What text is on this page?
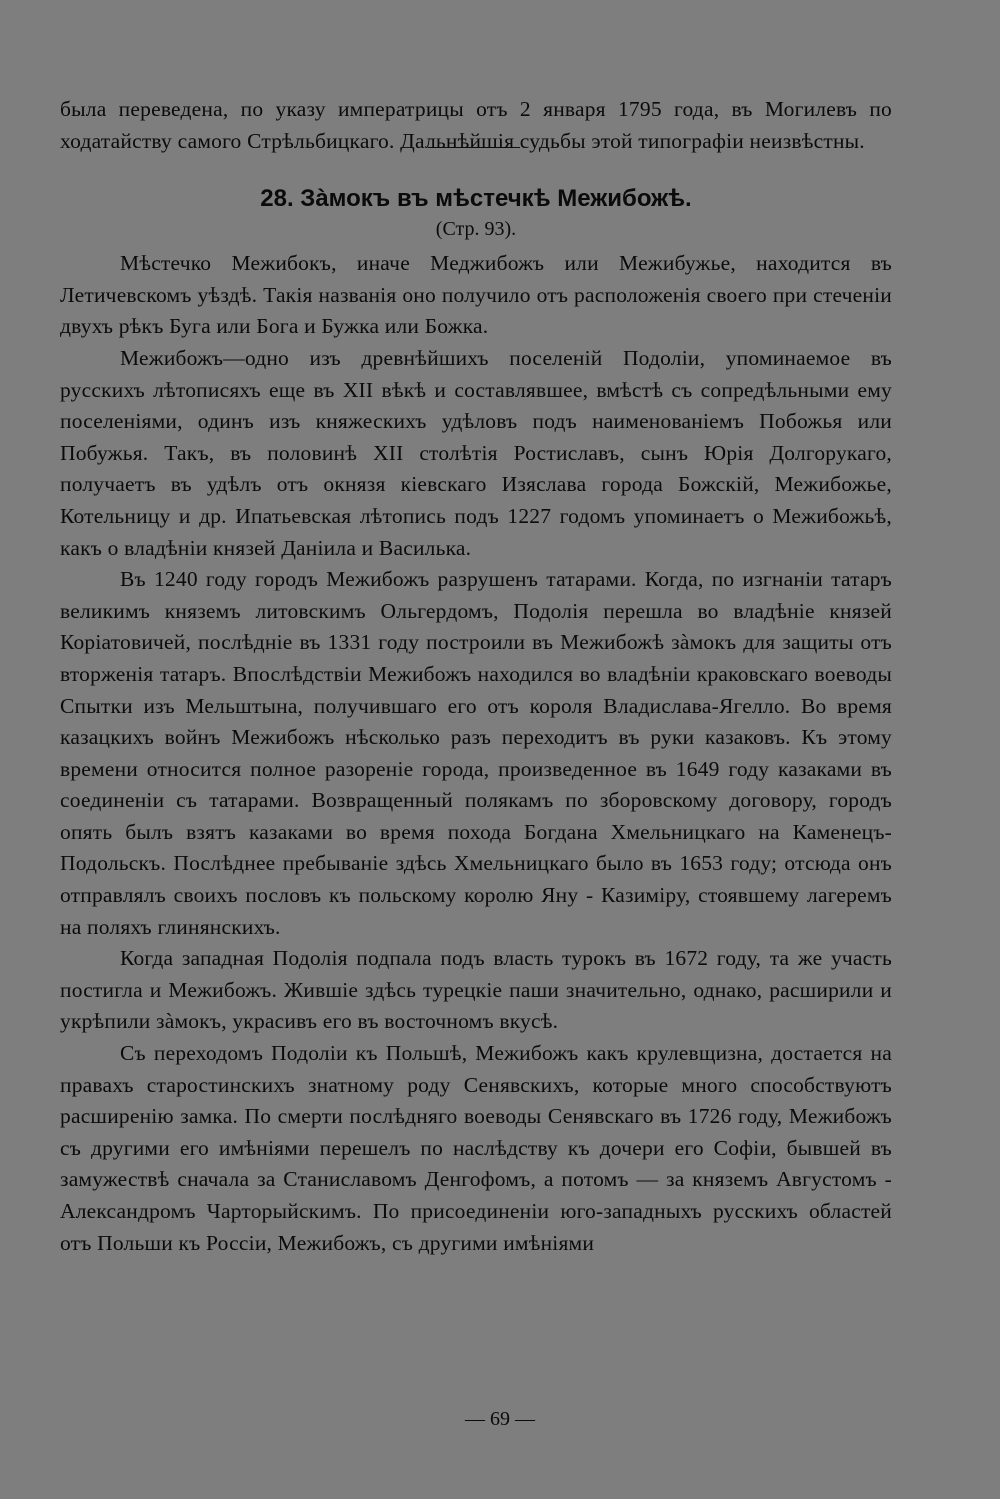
была переведена, по указу императрицы отъ 2 января 1795 года, въ Могилевъ по ходатайству самого Стрѣльбицкаго. Дальнѣйшія судьбы этой типографіи неизвѣстны.

28. Зàмокъ въ мѣстечкѣ Межибожѣ.
(Стр. 93).

Мѣстечко Межибокъ, иначе Меджибожъ или Межибужье, находится въ Летичевскомъ уѣздѣ. Такія названія оно получило отъ расположенія своего при стеченіи двухъ рѣкъ Буга или Бога и Бужка или Божка.

Межибожъ—одно изъ древнѣйшихъ поселеній Подоліи, упоминаемое въ русскихъ лѣтописяхъ еще въ XII вѣкѣ и составлявшее, вмѣстѣ съ сопредѣльными ему поселеніями, одинъ изъ княжескихъ удѣловъ подъ наименованіемъ Побожья или Побужья. Такъ, въ половинѣ XII столѣтія Ростиславъ, сынъ Юрія Долгорукаго, получаетъ въ удѣлъ отъ окнязя кіевскаго Изяслава города Божскій, Межибожье, Котельницу и др. Ипатьевская лѣтопись подъ 1227 годомъ упоминаетъ о Межибожьѣ, какъ о владѣніи князей Даніила и Василька.

Въ 1240 году городъ Межибожъ разрушенъ татарами. Когда, по изгнаніи татаръ великимъ княземъ литовскимъ Ольгердомъ, Подолія перешла во владѣніе князей Коріатовичей, послѣдніе въ 1331 году построили въ Межибожѣ зàмокъ для защиты отъ вторженія татаръ. Впослѣдствіи Межибожъ находился во владѣніи краковскаго воеводы Спытки изъ Мельштына, получившаго его отъ короля Владислава-Ягелло. Во время казацкихъ войнъ Межибожъ нѣсколько разъ переходитъ въ руки казаковъ. Къ этому времени относится полное разореніе города, произведенное въ 1649 году казаками въ соединеніи съ татарами. Возвращенный полякамъ по зборовскому договору, городъ опять былъ взятъ казаками во время похода Богдана Хмельницкаго на Каменецъ-Подольскъ. Послѣднее пребываніе здѣсь Хмельницкаго было въ 1653 году; отсюда онъ отправлялъ своихъ пословъ къ польскому королю Яну - Казиміру, стоявшему лагеремъ на поляхъ глинянскихъ.

Когда западная Подолія подпала подъ власть турокъ въ 1672 году, та же участь постигла и Межибожъ. Жившіе здѣсь турецкіе паши значительно, однако, расширили и укрѣпили зàмокъ, украсивъ его въ восточномъ вкусѣ.

Съ переходомъ Подоліи къ Польшѣ, Межибожъ какъ крулевщизна, достается на правахъ старостинскихъ знатному роду Сенявскихъ, которые много способствуютъ расширенію замка. По смерти послѣдняго воеводы Сенявскаго въ 1726 году, Межибожъ съ другими его имѣніями перешелъ по наслѣдству къ дочери его Софіи, бывшей въ замужествѣ сначала за Станиславомъ Денгофомъ, а потомъ — за княземъ Августомъ - Александромъ Чарторыйскимъ. По присоединеніи юго-западныхъ русскихъ областей отъ Польши къ Россіи, Межибожъ, съ другими имѣніями

— 69 —
